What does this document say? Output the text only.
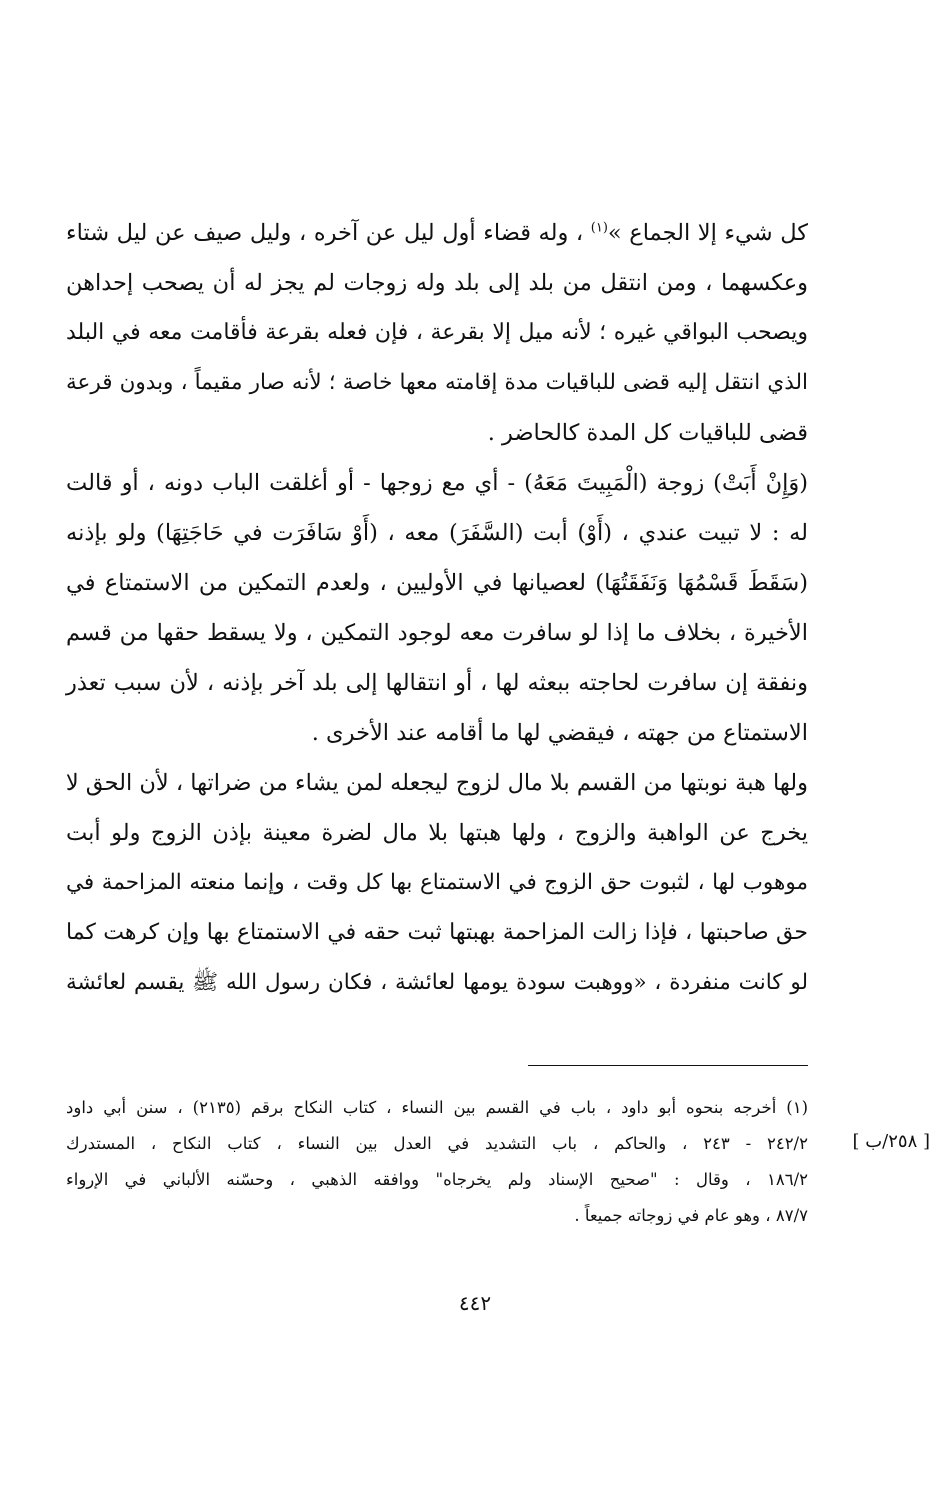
كل شيء إلا الجماع »$^{(١)}$ ، وله قضاء أول ليل عن آخره ، وليل صيف عن ليل شتاء
وعكسهما ، ومن انتقل من بلد إلى بلد وله زوجات لم يجز له أن يصحب إحداهن
ويصحب البواقي غيره ؛ لأنه ميل إلا بقرعة ، فإن فعله بقرعة فأقامت معه في البلد
الذي انتقل إليه قضى للباقيات مدة إقامته معها خاصة ؛ لأنه صار مقيماً ، وبدون قرعة
قضى للباقيات كل المدة كالحاضر .
(وَإِنْ أَبَتْ) زوجة (الْمَبِيتَ مَعَهُ) - أي مع زوجها - أو أغلقت الباب دونه ، أو قالت
له : لا تبيت عندي ، (أَوْ) أبت (السَّفَرَ) معه ، (أَوْ سَافَرَت في حَاجَتِهَا) ولو بإذنه
(سَقَطَ قَسْمُهَا وَنَفَقَتُهَا) لعصيانها في الأوليين ، ولعدم التمكين من الاستمتاع في
الأخيرة ، بخلاف ما إذا لو سافرت معه لوجود التمكين ، ولا يسقط حقها من قسم
ونفقة إن سافرت لحاجته ببعثه لها ، أو انتقالها إلى بلد آخر بإذنه ، لأن سبب تعذر
الاستمتاع من جهته ، فيقضي لها ما أقامه عند الأخرى .
ولها هبة نوبتها من القسم بلا مال لزوج ليجعله لمن يشاء من ضراتها ، لأن الحق لا
يخرج عن الواهبة والزوج ، ولها هبتها بلا مال لضرة معينة بإذن الزوج ولو أبت
موهوب لها ، لثبوت حق الزوج في الاستمتاع بها كل وقت ، وإنما منعته المزاحمة في
حق صاحبتها ، فإذا زالت المزاحمة بهبتها ثبت حقه في الاستمتاع بها وإن كرهت كما
لو كانت منفردة ، «ووهبت سودة يومها لعائشة ، فكان رسول الله ﷺ يقسم لعائشة
(١) أخرجه بنحوه أبو داود ، باب في القسم بين النساء ، كتاب النكاح برقم (٢١٣٥) ، سنن أبي داود
٢٤٢/٢ - ٢٤٣ ، والحاكم ، باب التشديد في العدل بين النساء ، كتاب النكاح ، المستدرك
١٨٦/٢ ، وقال : "صحيح الإسناد ولم يخرجاه" ووافقه الذهبي ، وحسّنه الألباني في الإرواء
٨٧/٧ ، وهو عام في زوجاته جميعاً .
[ ٢٥٨/ب ]
٤٤٢
